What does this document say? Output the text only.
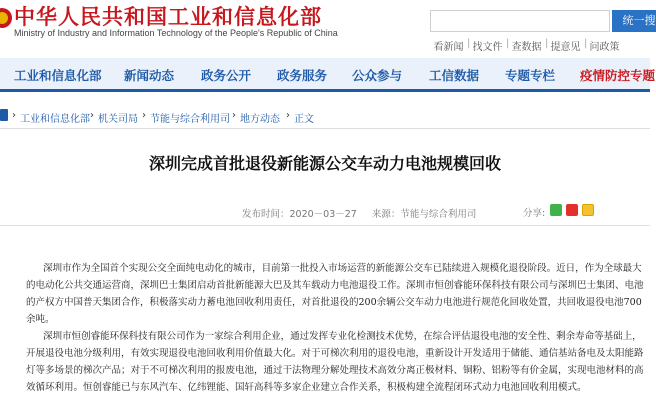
中华人民共和国工业和信息化部
Ministry of Industry and Information Technology of the People's Republic of China
统一搜
看新闻 | 找文件 | 查数据 | 提意见 | 问政策
工业和信息化部 新闻动态 政务公开 政务服务 公众参与 工信数据 专题专栏 疫情防控专题
› 工业和信息化部 › 机关司局 › 节能与综合利用司 › 地方动态 › 正文
深圳完成首批退役新能源公交车动力电池规模回收
发布时间：2020－03－27 来源：节能与综合利用司	分享:

深圳市作为全国首个实现公交全面纯电动化的城市，目前第一批投入市场运营的新能源公交车已陆续进入规模化退役阶段。近日，作为全球最大的电动化公共交通运营商，深圳巴士集团启动首批新能源大巴及其车载动力电池退役工作。深圳市恒创睿能环保科技有限公司与深圳巴士集团、电池的产权方中国普天集团合作，积极落实动力蓄电池回收利用责任，对首批退役的200余辆公交车动力电池进行规范化回收处置，共回收退役电池700余吨。

深圳市恒创睿能环保科技有限公司作为一家综合利用企业，通过发挥专业化检测技术优势，在综合评估退役电池的安全性、剩余寿命等基础上，开展退役电池分级利用，有效实现退役电池回收利用价值最大化。对于可梯次利用的退役电池，重新设计开发适用于储能、通信基站备电及太阳能路灯等多场景的梯次产品；对于不可梯次利用的报废电池，通过干法物理分解处理技术高效分离正极材料、铜粉、铝粉等有价金属，实现电池材料的高效循环利用。恒创睿能已与东风汽车、亿纬锂能、国轩高科等多家企业建立合作关系，积极构建全流程闭环式动力电池回收利用模式。
